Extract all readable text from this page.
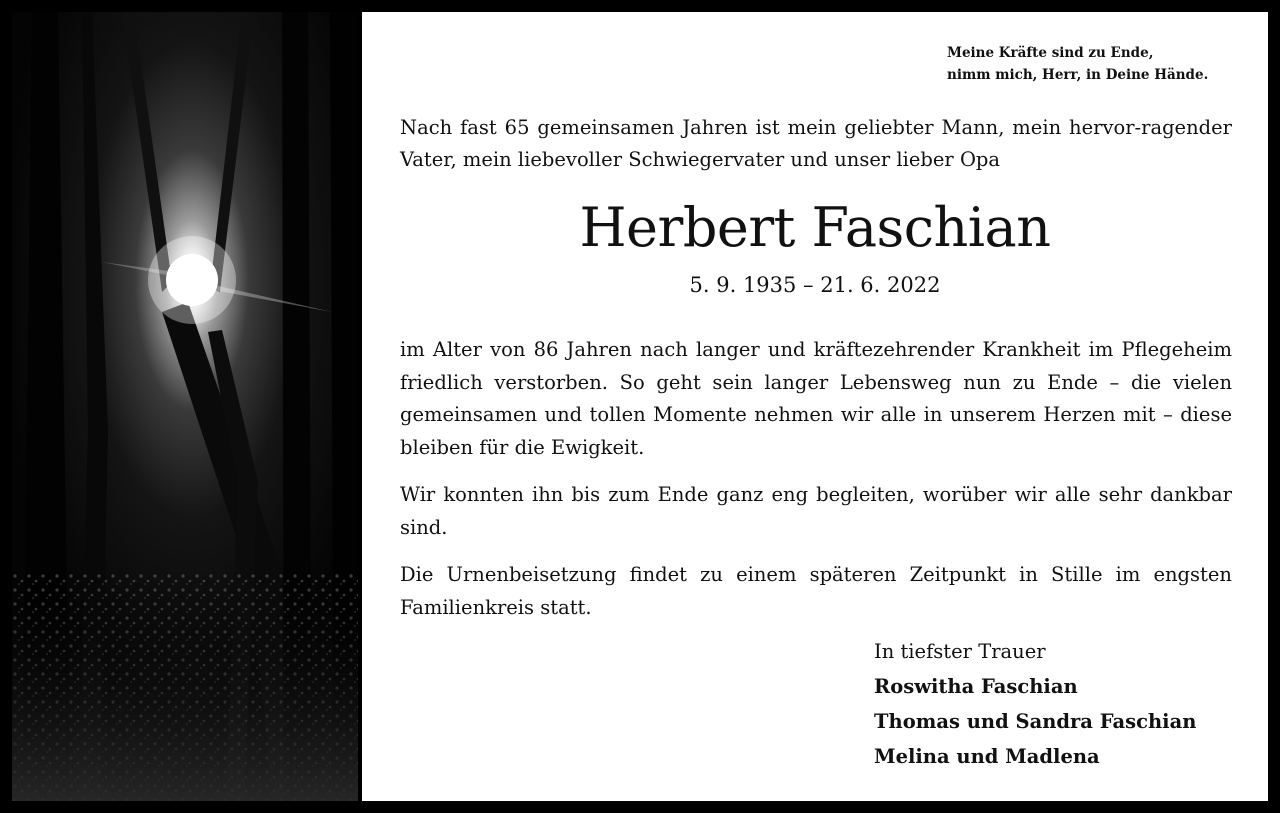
Meine Kräfte sind zu Ende,
nimm mich, Herr, in Deine Hände.
Nach fast 65 gemeinsamen Jahren ist mein geliebter Mann, mein hervor-ragender Vater, mein liebevoller Schwiegervater und unser lieber Opa
Herbert Faschian
5. 9. 1935 – 21. 6. 2022

im Alter von 86 Jahren nach langer und kräftezehrender Krankheit im Pflegeheim friedlich verstorben. So geht sein langer Lebensweg nun zu Ende – die vielen gemeinsamen und tollen Momente nehmen wir alle in unserem Herzen mit – diese bleiben für die Ewigkeit.

Wir konnten ihn bis zum Ende ganz eng begleiten, worüber wir alle sehr dankbar sind.

Die Urnenbeisetzung findet zu einem späteren Zeitpunkt in Stille im engsten Familienkreis statt.

In tiefster Trauer
Roswitha Faschian
Thomas und Sandra Faschian
Melina und Madlena
